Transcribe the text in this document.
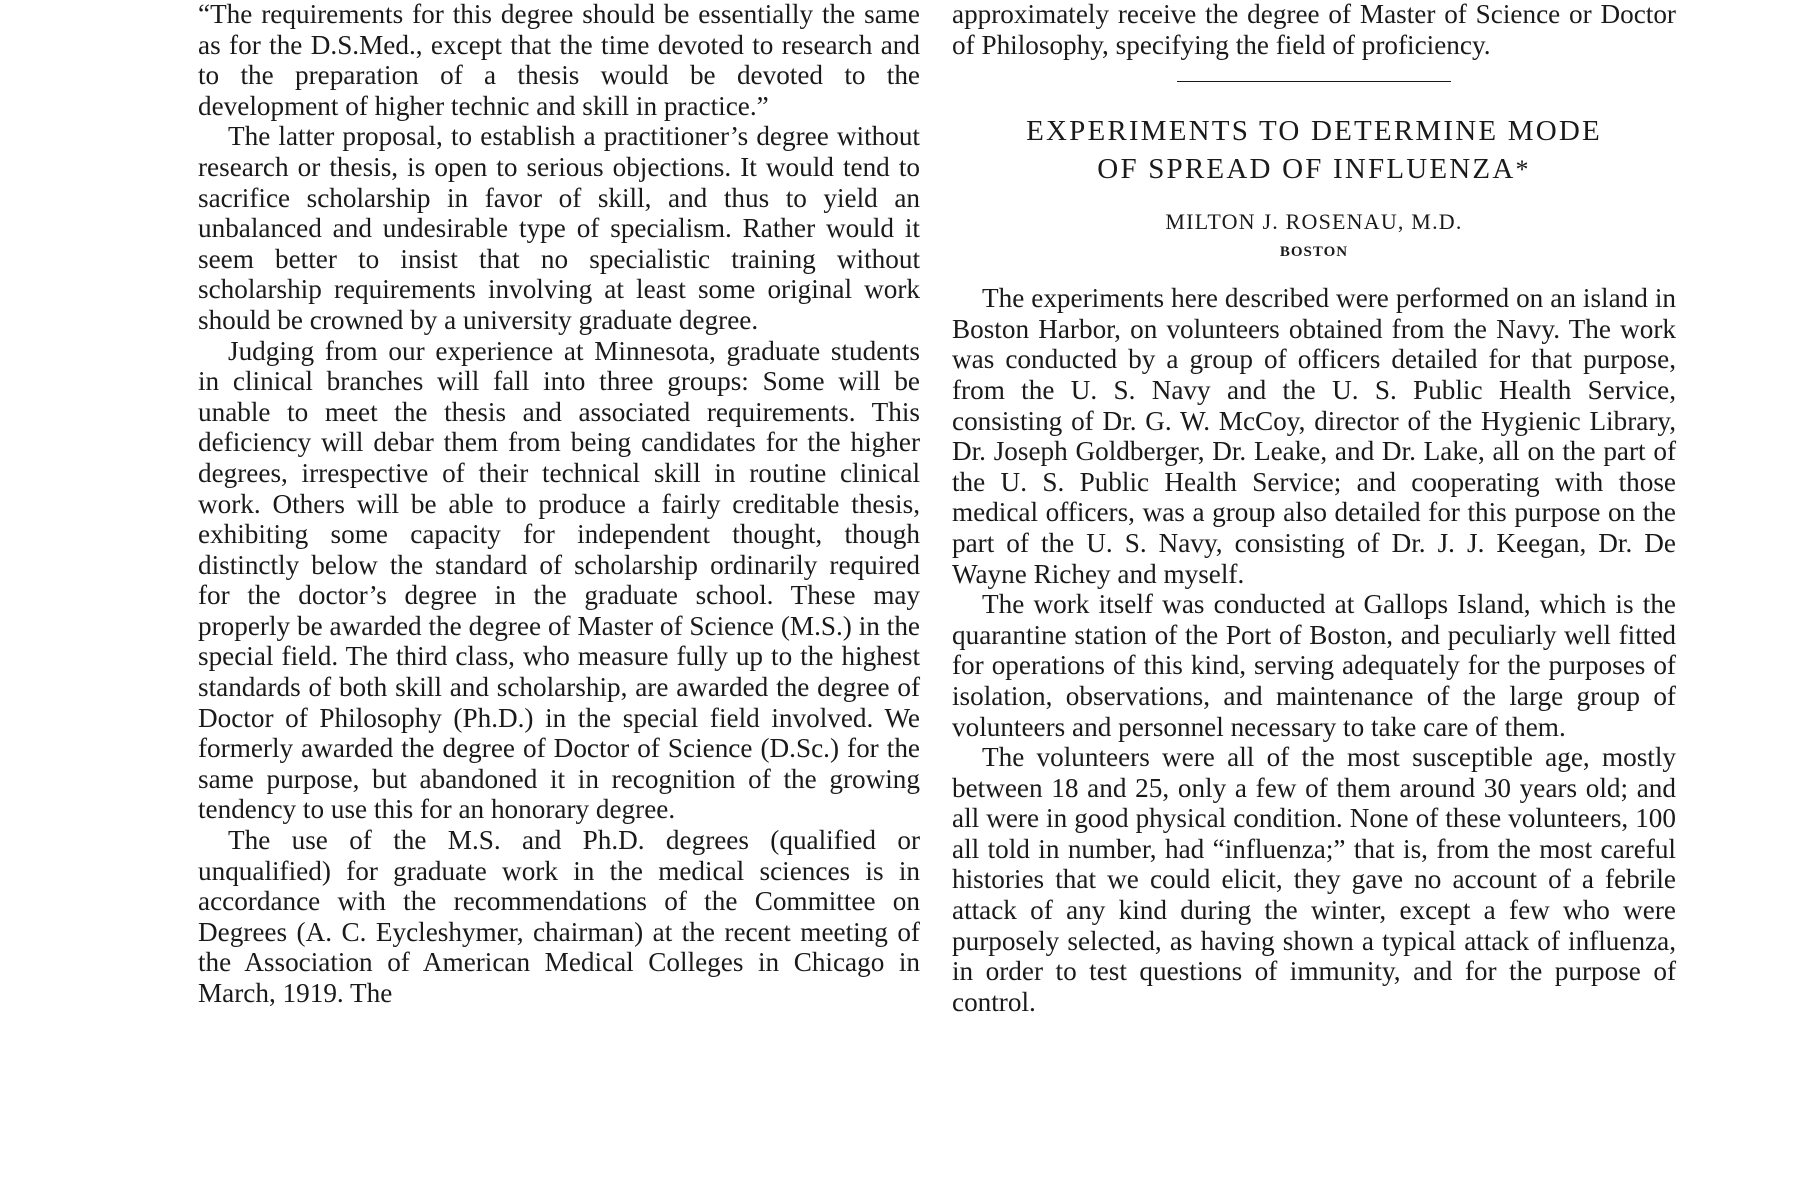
“The requirements for this degree should be essentially the same as for the D.S.Med., except that the time devoted to research and to the preparation of a thesis would be devoted to the development of higher technic and skill in practice.”

The latter proposal, to establish a practitioner’s degree without research or thesis, is open to serious objections. It would tend to sacrifice scholarship in favor of skill, and thus to yield an unbalanced and undesirable type of specialism. Rather would it seem better to insist that no specialistic training without scholarship requirements involving at least some original work should be crowned by a university graduate degree.

Judging from our experience at Minnesota, graduate students in clinical branches will fall into three groups: Some will be unable to meet the thesis and associated requirements. This deficiency will debar them from being candidates for the higher degrees, irrespective of their technical skill in routine clinical work. Others will be able to produce a fairly creditable thesis, exhibiting some capacity for independent thought, though distinctly below the standard of scholarship ordinarily required for the doctor’s degree in the graduate school. These may properly be awarded the degree of Master of Science (M.S.) in the special field. The third class, who measure fully up to the highest standards of both skill and scholarship, are awarded the degree of Doctor of Philosophy (Ph.D.) in the special field involved. We formerly awarded the degree of Doctor of Science (D.Sc.) for the same purpose, but abandoned it in recognition of the growing tendency to use this for an honorary degree.

The use of the M.S. and Ph.D. degrees (qualified or unqualified) for graduate work in the medical sciences is in accordance with the recommendations of the Committee on Degrees (A. C. Eycleshymer, chairman) at the recent meeting of the Association of American Medical Colleges in Chicago in March, 1919. The

approximately receive the degree of Master of Science or Doctor of Philosophy, specifying the field of proficiency.

EXPERIMENTS TO DETERMINE MODE
OF SPREAD OF INFLUENZA*
MILTON J. ROSENAU, M.D.
BOSTON

The experiments here described were performed on an island in Boston Harbor, on volunteers obtained from the Navy. The work was conducted by a group of officers detailed for that purpose, from the U. S. Navy and the U. S. Public Health Service, consisting of Dr. G. W. McCoy, director of the Hygienic Library, Dr. Joseph Goldberger, Dr. Leake, and Dr. Lake, all on the part of the U. S. Public Health Service; and cooperating with those medical officers, was a group also detailed for this purpose on the part of the U. S. Navy, consisting of Dr. J. J. Keegan, Dr. De Wayne Richey and myself.

The work itself was conducted at Gallops Island, which is the quarantine station of the Port of Boston, and peculiarly well fitted for operations of this kind, serving adequately for the purposes of isolation, observations, and maintenance of the large group of volunteers and personnel necessary to take care of them.

The volunteers were all of the most susceptible age, mostly between 18 and 25, only a few of them around 30 years old; and all were in good physical condition. None of these volunteers, 100 all told in number, had “influenza;” that is, from the most careful histories that we could elicit, they gave no account of a febrile attack of any kind during the winter, except a few who were purposely selected, as having shown a typical attack of influenza, in order to test questions of immunity, and for the purpose of control.
